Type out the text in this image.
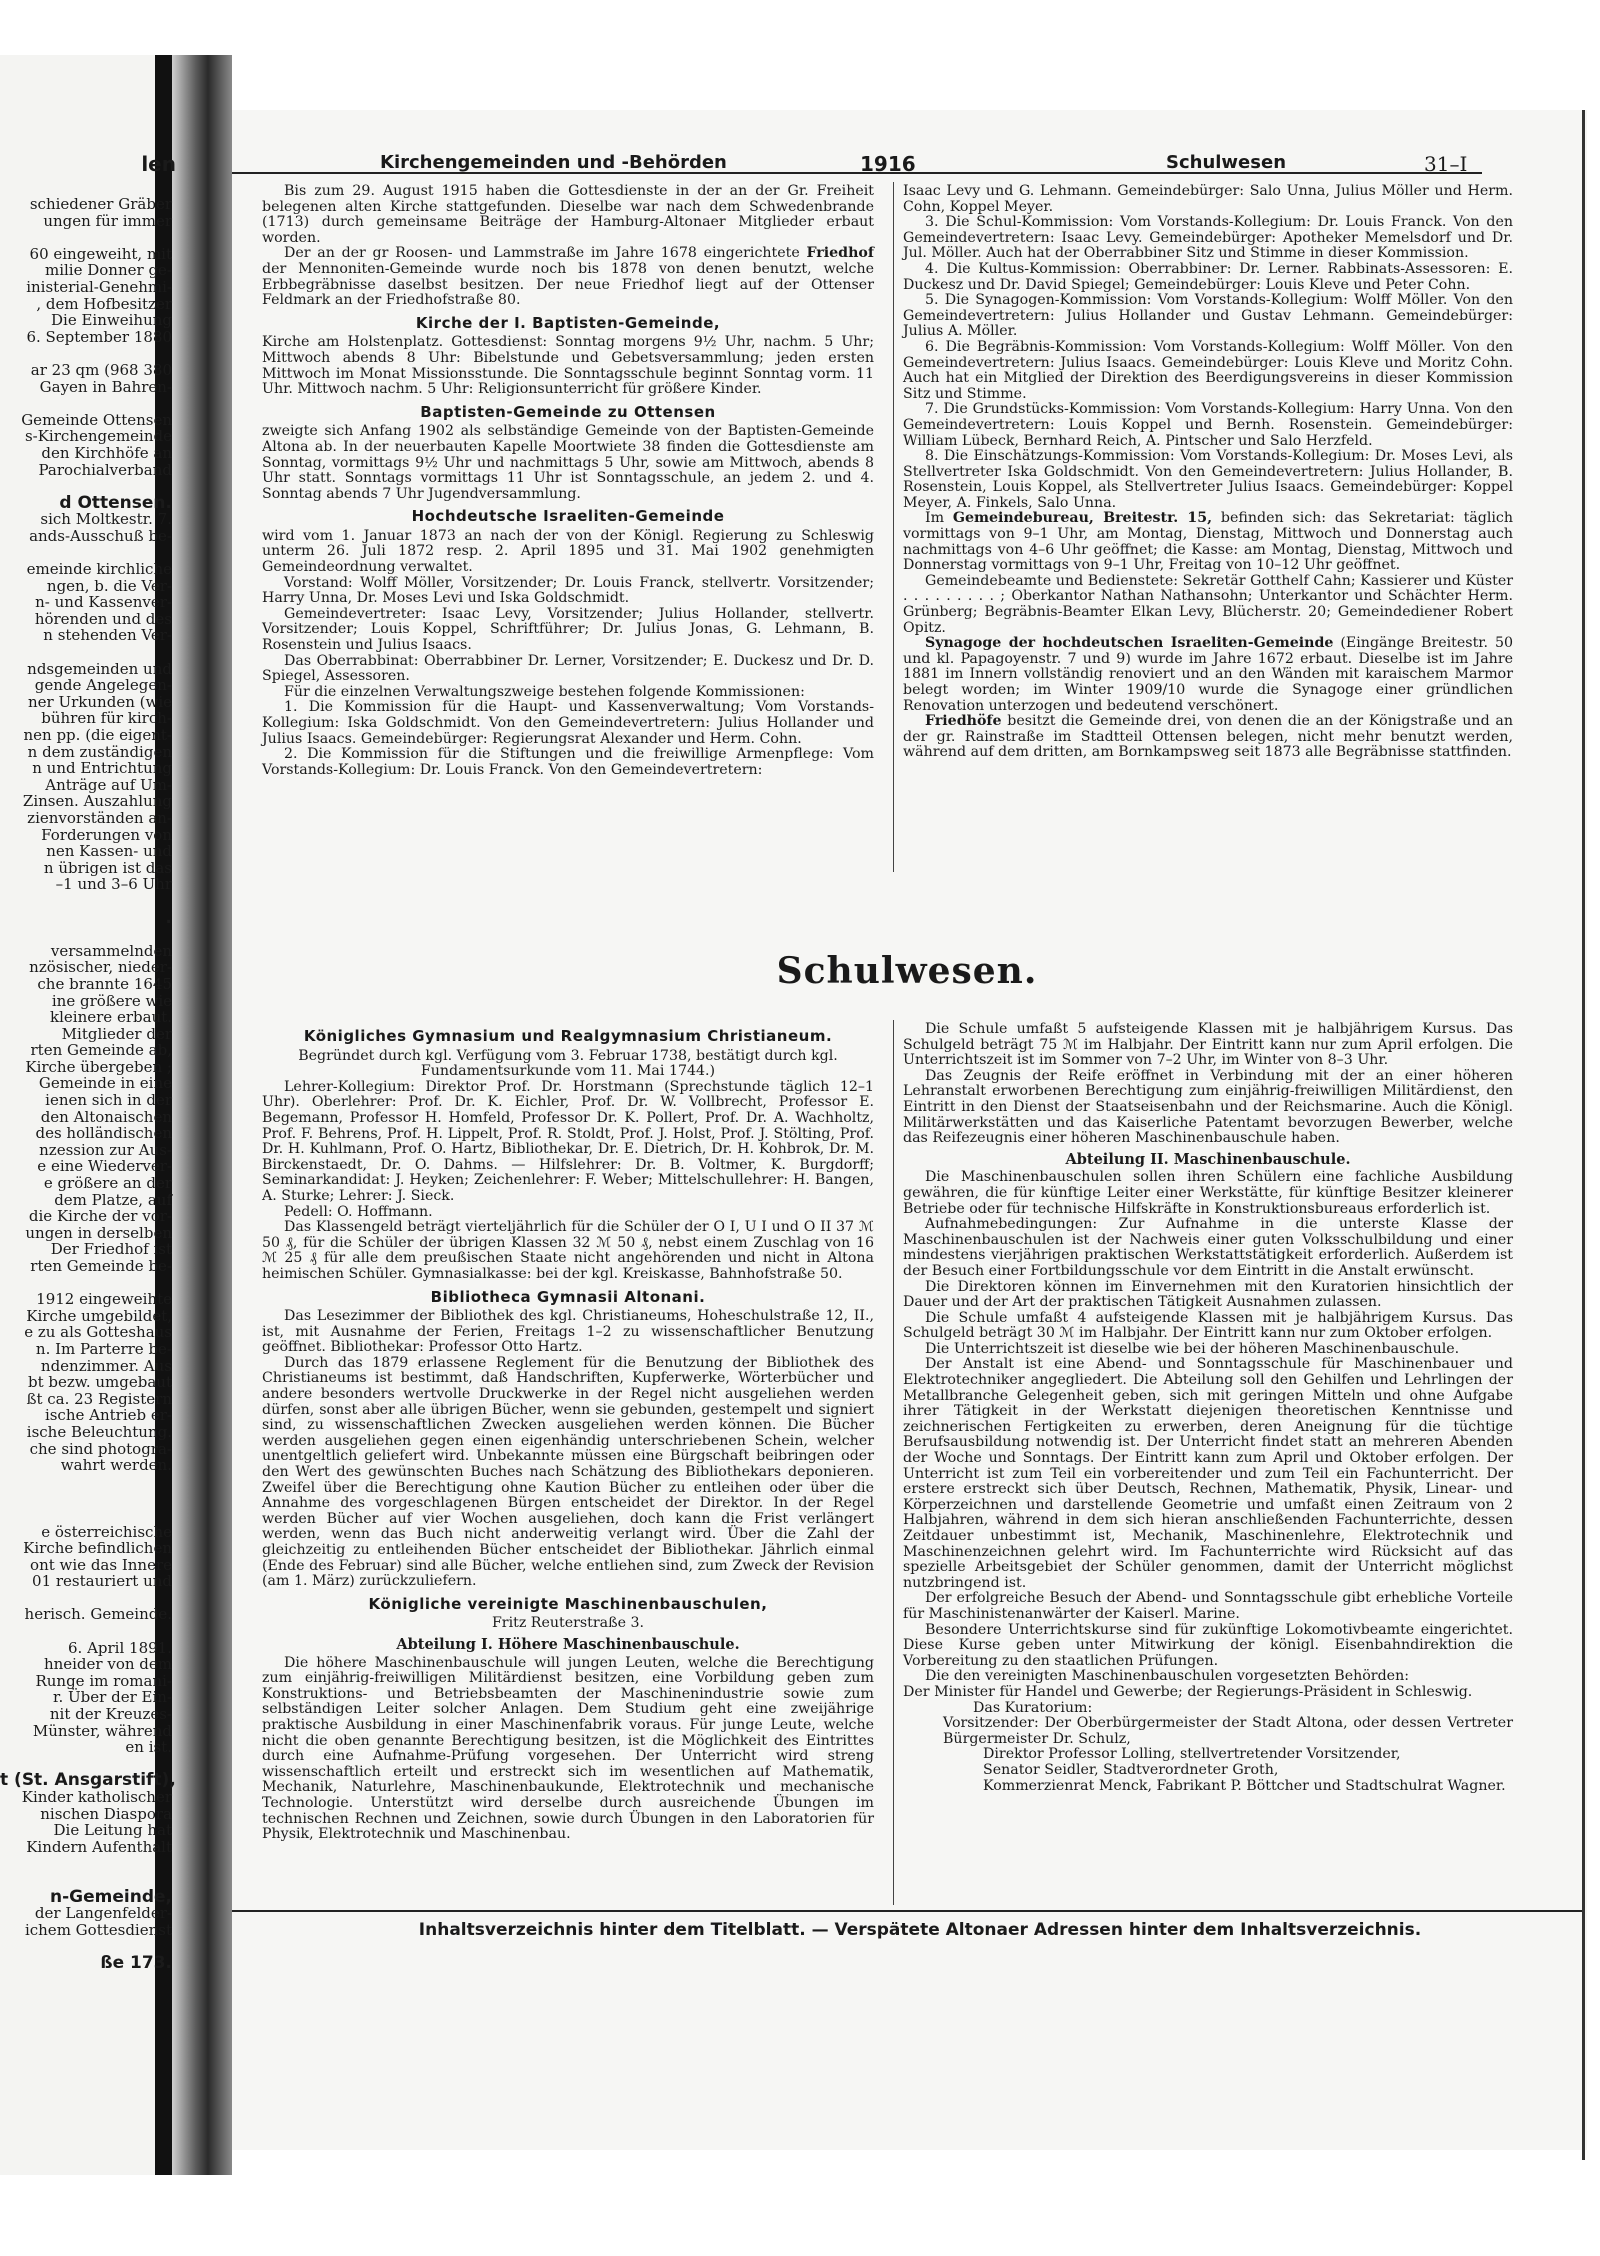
len
schiedener Gräber
ungen für immer

60 eingeweiht, mit
milie Donner ge-
inisterial-Genehmi-
, dem Hofbesitzer
Die Einweihung
6. September 1880

ar 23 qm (968 380
Gayen in Bahren-

Gemeinde Ottensen
s-Kirchengemeinde
den Kirchhöfe an
Parochialverband

d Ottensen.
sich Moltkestr. 7.
ands-Ausschuß be-

emeinde kirchliche
ngen, b. die Ver-
n- und Kassenver-
hörenden und des
n stehenden Ver-

ndsgemeinden und
gende Angelegen-
ner Urkunden (wie
bühren für kirch-
nen pp. (die eigent-
n dem zuständigen
n und Entrichtung
Anträge auf Um-
Zinsen. Auszahlung
zienvorständen an-
Forderungen von
nen Kassen- und
n übrigen ist das
–1 und 3–6 Uhr

.

versammelnden
nzösischer, nieder-
che brannte 1645
ine größere wie
kleinere erbaut.
Mitglieder der
rten Gemeinde ab,
Kirche übergeben ;
Gemeinde in eine
ienen sich in der
den Altonaischen
des holländischen
nzession zur Aus-
e eine Wiederver-
e größere an der
dem Platze, auf
die Kirche der vor-
ungen in derselben
Der Friedhof ist
rten Gemeinde be-

1912 eingeweihte
Kirche umgebildet,
e zu als Gotteshaus
n. Im Parterre be-
ndenzimmer. Aus
bt bezw. umgebaut
ßt ca. 23 Registern
ische Antrieb er-
ische Beleuchtung.
che sind photogra-
wahrt werden.

e österreichische
Kirche befindlichen
ont wie das Innere
01 restauriert und

herisch. Gemeinde.

6. April 1891.
hneider von dem
Runge im romani-
r. Über der Ein-
nit der Kreuzes-
Münster, während
en ist.

t (St. Ansgarstift),
Kinder katholischer
nischen Diaspora
Die Leitung hat
Kindern Aufenthalt

n-Gemeinde,
der Langenfelder-
ichem Gottesdienst

ße 173.
Kirchengemeinden und -Behörden	1916	Schulwesen	31–I

Bis zum 29. August 1915 haben die Gottesdienste in der an der Gr. Freiheit belegenen alten Kirche stattgefunden. Dieselbe war nach dem Schwedenbrande (1713) durch gemeinsame Beiträge der Hamburg-Altonaer Mitglieder erbaut worden.

Der an der gr Roosen- und Lammstraße im Jahre 1678 eingerichtete Friedhof der Mennoniten-Gemeinde wurde noch bis 1878 von denen benutzt, welche Erbbegräbnisse daselbst besitzen. Der neue Friedhof liegt auf der Ottenser Feldmark an der Friedhofstraße 80.

Kirche der I. Baptisten-Gemeinde,

Kirche am Holstenplatz. Gottesdienst: Sonntag morgens 9½ Uhr, nachm. 5 Uhr; Mittwoch abends 8 Uhr: Bibelstunde und Gebetsversammlung; jeden ersten Mittwoch im Monat Missionsstunde. Die Sonntagsschule beginnt Sonntag vorm. 11 Uhr. Mittwoch nachm. 5 Uhr: Religionsunterricht für größere Kinder.

Baptisten-Gemeinde zu Ottensen

zweigte sich Anfang 1902 als selbständige Gemeinde von der Baptisten-Gemeinde Altona ab. In der neuerbauten Kapelle Moortwiete 38 finden die Gottesdienste am Sonntag, vormittags 9½ Uhr und nachmittags 5 Uhr, sowie am Mittwoch, abends 8 Uhr statt. Sonntags vormittags 11 Uhr ist Sonntagsschule, an jedem 2. und 4. Sonntag abends 7 Uhr Jugendversammlung.

Hochdeutsche Israeliten-Gemeinde

wird vom 1. Januar 1873 an nach der von der Königl. Regierung zu Schleswig unterm 26. Juli 1872 resp. 2. April 1895 und 31. Mai 1902 genehmigten Gemeindeordnung verwaltet.

Vorstand: Wolff Möller, Vorsitzender; Dr. Louis Franck, stellvertr. Vorsitzender; Harry Unna, Dr. Moses Levi und Iska Goldschmidt.

Gemeindevertreter: Isaac Levy, Vorsitzender; Julius Hollander, stellvertr. Vorsitzender; Louis Koppel, Schriftführer; Dr. Julius Jonas, G. Lehmann, B. Rosenstein und Julius Isaacs.

Das Oberrabbinat: Oberrabbiner Dr. Lerner, Vorsitzender; E. Duckesz und Dr. D. Spiegel, Assessoren.

Für die einzelnen Verwaltungszweige bestehen folgende Kommissionen:

1. Die Kommission für die Haupt- und Kassenverwaltung; Vom Vorstands-Kollegium: Iska Goldschmidt. Von den Gemeindevertretern: Julius Hollander und Julius Isaacs. Gemeindebürger: Regierungsrat Alexander und Herm. Cohn.

2. Die Kommission für die Stiftungen und die freiwillige Armenpflege: Vom Vorstands-Kollegium: Dr. Louis Franck. Von den Gemeindevertretern:

Isaac Levy und G. Lehmann. Gemeindebürger: Salo Unna, Julius Möller und Herm. Cohn, Koppel Meyer.

3. Die Schul-Kommission: Vom Vorstands-Kollegium: Dr. Louis Franck. Von den Gemeindevertretern: Isaac Levy. Gemeindebürger: Apotheker Memelsdorf und Dr. Jul. Möller. Auch hat der Oberrabbiner Sitz und Stimme in dieser Kommission.

4. Die Kultus-Kommission: Oberrabbiner: Dr. Lerner. Rabbinats-Assessoren: E. Duckesz und Dr. David Spiegel; Gemeindebürger: Louis Kleve und Peter Cohn.

5. Die Synagogen-Kommission: Vom Vorstands-Kollegium: Wolff Möller. Von den Gemeindevertretern: Julius Hollander und Gustav Lehmann. Gemeindebürger: Julius A. Möller.

6. Die Begräbnis-Kommission: Vom Vorstands-Kollegium: Wolff Möller. Von den Gemeindevertretern: Julius Isaacs. Gemeindebürger: Louis Kleve und Moritz Cohn. Auch hat ein Mitglied der Direktion des Beerdigungsvereins in dieser Kommission Sitz und Stimme.

7. Die Grundstücks-Kommission: Vom Vorstands-Kollegium: Harry Unna. Von den Gemeindevertretern: Louis Koppel und Bernh. Rosenstein. Gemeindebürger: William Lübeck, Bernhard Reich, A. Pintscher und Salo Herzfeld.

8. Die Einschätzungs-Kommission: Vom Vorstands-Kollegium: Dr. Moses Levi, als Stellvertreter Iska Goldschmidt. Von den Gemeindevertretern: Julius Hollander, B. Rosenstein, Louis Koppel, als Stellvertreter Julius Isaacs. Gemeindebürger: Koppel Meyer, A. Finkels, Salo Unna.

Im Gemeindebureau, Breitestr. 15, befinden sich: das Sekretariat: täglich vormittags von 9–1 Uhr, am Montag, Dienstag, Mittwoch und Donnerstag auch nachmittags von 4–6 Uhr geöffnet; die Kasse: am Montag, Dienstag, Mittwoch und Donnerstag vormittags von 9–1 Uhr, Freitag von 10–12 Uhr geöffnet.

Gemeindebeamte und Bedienstete: Sekretär Gotthelf Cahn; Kassierer und Küster . . . . . . . . . ; Oberkantor Nathan Nathansohn; Unterkantor und Schächter Herm. Grünberg; Begräbnis-Beamter Elkan Levy, Blücherstr. 20; Gemeindediener Robert Opitz.

Synagoge der hochdeutschen Israeliten-Gemeinde (Eingänge Breitestr. 50 und kl. Papagoyenstr. 7 und 9) wurde im Jahre 1672 erbaut. Dieselbe ist im Jahre 1881 im Innern vollständig renoviert und an den Wänden mit karaischem Marmor belegt worden; im Winter 1909/10 wurde die Synagoge einer gründlichen Renovation unterzogen und bedeutend verschönert.

Friedhöfe besitzt die Gemeinde drei, von denen die an der Königstraße und an der gr. Rainstraße im Stadtteil Ottensen belegen, nicht mehr benutzt werden, während auf dem dritten, am Bornkampsweg seit 1873 alle Begräbnisse stattfinden.

Schulwesen.
Königliches Gymnasium und Realgymnasium Christianeum.

Begründet durch kgl. Verfügung vom 3. Februar 1738, bestätigt durch kgl. Fundamentsurkunde vom 11. Mai 1744.)

Lehrer-Kollegium: Direktor Prof. Dr. Horstmann (Sprechstunde täglich 12–1 Uhr). Oberlehrer: Prof. Dr. K. Eichler, Prof. Dr. W. Vollbrecht, Professor E. Begemann, Professor H. Homfeld, Professor Dr. K. Pollert, Prof. Dr. A. Wachholtz, Prof. F. Behrens, Prof. H. Lippelt, Prof. R. Stoldt, Prof. J. Holst, Prof. J. Stölting, Prof. Dr. H. Kuhlmann, Prof. O. Hartz, Bibliothekar, Dr. E. Dietrich, Dr. H. Kohbrok, Dr. M. Birckenstaedt, Dr. O. Dahms. — Hilfslehrer: Dr. B. Voltmer, K. Burgdorff; Seminarkandidat: J. Heyken; Zeichenlehrer: F. Weber; Mittelschullehrer: H. Bangen, A. Sturke; Lehrer: J. Sieck.

Pedell: O. Hoffmann.

Das Klassengeld beträgt vierteljährlich für die Schüler der O I, U I und O II 37 ℳ 50 ₰, für die Schüler der übrigen Klassen 32 ℳ 50 ₰, nebst einem Zuschlag von 16 ℳ 25 ₰ für alle dem preußischen Staate nicht angehörenden und nicht in Altona heimischen Schüler. Gymnasialkasse: bei der kgl. Kreiskasse, Bahnhofstraße 50.

Bibliotheca Gymnasii Altonani.

Das Lesezimmer der Bibliothek des kgl. Christianeums, Hoheschulstraße 12, II., ist, mit Ausnahme der Ferien, Freitags 1–2 zu wissenschaftlicher Benutzung geöffnet. Bibliothekar: Professor Otto Hartz.

Durch das 1879 erlassene Reglement für die Benutzung der Bibliothek des Christianeums ist bestimmt, daß Handschriften, Kupferwerke, Wörterbücher und andere besonders wertvolle Druckwerke in der Regel nicht ausgeliehen werden dürfen, sonst aber alle übrigen Bücher, wenn sie gebunden, gestempelt und signiert sind, zu wissenschaftlichen Zwecken ausgeliehen werden können. Die Bücher werden ausgeliehen gegen einen eigenhändig unterschriebenen Schein, welcher unentgeltlich geliefert wird. Unbekannte müssen eine Bürgschaft beibringen oder den Wert des gewünschten Buches nach Schätzung des Bibliothekars deponieren. Zweifel über die Berechtigung ohne Kaution Bücher zu entleihen oder über die Annahme des vorgeschlagenen Bürgen entscheidet der Direktor. In der Regel werden Bücher auf vier Wochen ausgeliehen, doch kann die Frist verlängert werden, wenn das Buch nicht anderweitig verlangt wird. Über die Zahl der gleichzeitig zu entleihenden Bücher entscheidet der Bibliothekar. Jährlich einmal (Ende des Februar) sind alle Bücher, welche entliehen sind, zum Zweck der Revision (am 1. März) zurückzuliefern.

Königliche vereinigte Maschinenbauschulen,

Fritz Reuterstraße 3.

Abteilung I. Höhere Maschinenbauschule.

Die höhere Maschinenbauschule will jungen Leuten, welche die Berechtigung zum einjährig-freiwilligen Militärdienst besitzen, eine Vorbildung geben zum Konstruktions- und Betriebsbeamten der Maschinenindustrie sowie zum selbständigen Leiter solcher Anlagen. Dem Studium geht eine zweijährige praktische Ausbildung in einer Maschinenfabrik voraus. Für junge Leute, welche nicht die oben genannte Berechtigung besitzen, ist die Möglichkeit des Eintrittes durch eine Aufnahme-Prüfung vorgesehen. Der Unterricht wird streng wissenschaftlich erteilt und erstreckt sich im wesentlichen auf Mathematik, Mechanik, Naturlehre, Maschinenbaukunde, Elektrotechnik und mechanische Technologie. Unterstützt wird derselbe durch ausreichende Übungen im technischen Rechnen und Zeichnen, sowie durch Übungen in den Laboratorien für Physik, Elektrotechnik und Maschinenbau.

Die Schule umfaßt 5 aufsteigende Klassen mit je halbjährigem Kursus. Das Schulgeld beträgt 75 ℳ im Halbjahr. Der Eintritt kann nur zum April erfolgen. Die Unterrichtszeit ist im Sommer von 7–2 Uhr, im Winter von 8–3 Uhr.

Das Zeugnis der Reife eröffnet in Verbindung mit der an einer höheren Lehranstalt erworbenen Berechtigung zum einjährig-freiwilligen Militärdienst, den Eintritt in den Dienst der Staatseisenbahn und der Reichsmarine. Auch die Königl. Militärwerkstätten und das Kaiserliche Patentamt bevorzugen Bewerber, welche das Reifezeugnis einer höheren Maschinenbauschule haben.

Abteilung II. Maschinenbauschule.

Die Maschinenbauschulen sollen ihren Schülern eine fachliche Ausbildung gewähren, die für künftige Leiter einer Werkstätte, für künftige Besitzer kleinerer Betriebe oder für technische Hilfskräfte in Konstruktionsbureaus erforderlich ist.

Aufnahmebedingungen: Zur Aufnahme in die unterste Klasse der Maschinenbauschulen ist der Nachweis einer guten Volksschulbildung und einer mindestens vierjährigen praktischen Werkstattstätigkeit erforderlich. Außerdem ist der Besuch einer Fortbildungsschule vor dem Eintritt in die Anstalt erwünscht.

Die Direktoren können im Einvernehmen mit den Kuratorien hinsichtlich der Dauer und der Art der praktischen Tätigkeit Ausnahmen zulassen.

Die Schule umfaßt 4 aufsteigende Klassen mit je halbjährigem Kursus. Das Schulgeld beträgt 30 ℳ im Halbjahr. Der Eintritt kann nur zum Oktober erfolgen.

Die Unterrichtszeit ist dieselbe wie bei der höheren Maschinenbauschule.

Der Anstalt ist eine Abend- und Sonntagsschule für Maschinenbauer und Elektrotechniker angegliedert. Die Abteilung soll den Gehilfen und Lehrlingen der Metallbranche Gelegenheit geben, sich mit geringen Mitteln und ohne Aufgabe ihrer Tätigkeit in der Werkstatt diejenigen theoretischen Kenntnisse und zeichnerischen Fertigkeiten zu erwerben, deren Aneignung für die tüchtige Berufsausbildung notwendig ist. Der Unterricht findet statt an mehreren Abenden der Woche und Sonntags. Der Eintritt kann zum April und Oktober erfolgen. Der Unterricht ist zum Teil ein vorbereitender und zum Teil ein Fachunterricht. Der erstere erstreckt sich über Deutsch, Rechnen, Mathematik, Physik, Linear- und Körperzeichnen und darstellende Geometrie und umfaßt einen Zeitraum von 2 Halbjahren, während in dem sich hieran anschließenden Fachunterrichte, dessen Zeitdauer unbestimmt ist, Mechanik, Maschinenlehre, Elektrotechnik und Maschinenzeichnen gelehrt wird. Im Fachunterrichte wird Rücksicht auf das spezielle Arbeitsgebiet der Schüler genommen, damit der Unterricht möglichst nutzbringend ist.

Der erfolgreiche Besuch der Abend- und Sonntagsschule gibt erhebliche Vorteile für Maschinistenanwärter der Kaiserl. Marine.

Besondere Unterrichtskurse sind für zukünftige Lokomotivbeamte eingerichtet. Diese Kurse geben unter Mitwirkung der königl. Eisenbahndirektion die Vorbereitung zu den staatlichen Prüfungen.

Die den vereinigten Maschinenbauschulen vorgesetzten Behörden:

Der Minister für Handel und Gewerbe; der Regierungs-Präsident in Schleswig.

Das Kuratorium:

Vorsitzender: Der Oberbürgermeister der Stadt Altona, oder dessen Vertreter Bürgermeister Dr. Schulz,

Direktor Professor Lolling, stellvertretender Vorsitzender,

Senator Seidler, Stadtverordneter Groth,

Kommerzienrat Menck, Fabrikant P. Böttcher und Stadtschulrat Wagner.

Inhaltsverzeichnis hinter dem Titelblatt. — Verspätete Altonaer Adressen hinter dem Inhaltsverzeichnis.
